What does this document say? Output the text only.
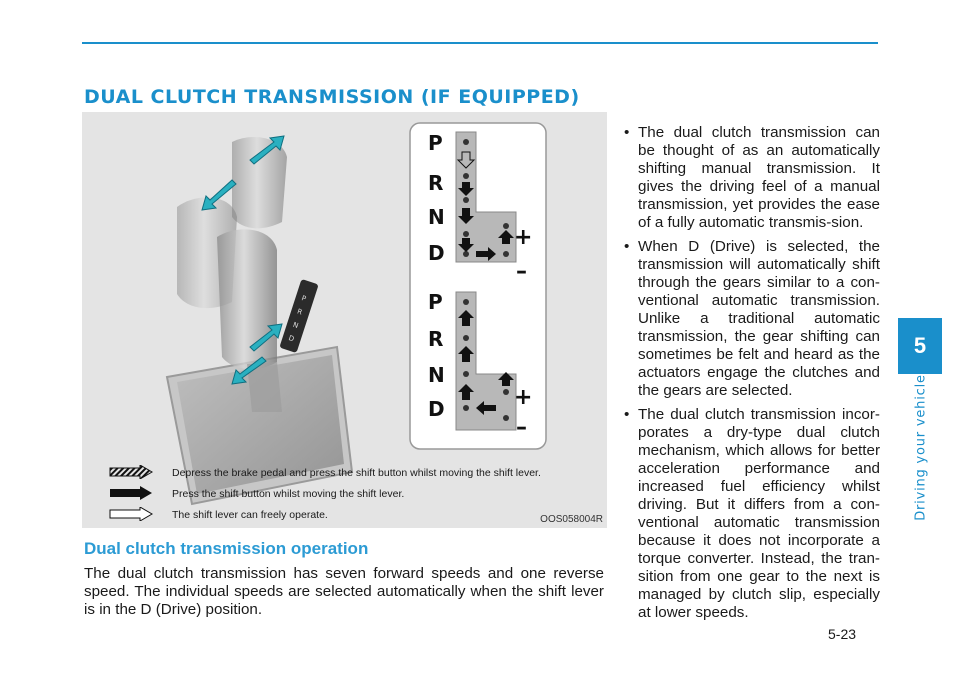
DUAL CLUTCH TRANSMISSION (IF EQUIPPED)
P
R
N
D
P
R
N
D
+
–
P
R
N
D	+
–
Depress the brake pedal and press the shift button whilst moving the shift lever.
Press the shift button whilst moving the shift lever.
The shift lever can freely operate.	OOS058004R
Dual clutch transmission operation

The dual clutch transmission has seven forward speeds and one reverse speed. The individual speeds are selected automatically when the shift lever is in the D (Drive) position.

• The dual clutch transmission can be thought of as an automatically shifting manual transmission. It gives the driving feel of a manual transmission, yet provides the ease of a fully automatic transmis-sion.
• When D (Drive) is selected, the transmission will automatically shift through the gears similar to a con-ventional automatic transmission. Unlike a traditional automatic transmission, the gear shifting can sometimes be felt and heard as the actuators engage the clutches and the gears are selected.
• The dual clutch transmission incor-porates a dry-type dual clutch mechanism, which allows for better acceleration performance and increased fuel efficiency whilst driving. But it differs from a con-ventional automatic transmission because it does not incorporate a torque converter. Instead, the tran-sition from one gear to the next is managed by clutch slip, especially at lower speeds.
5
Driving your vehicle
5-23
